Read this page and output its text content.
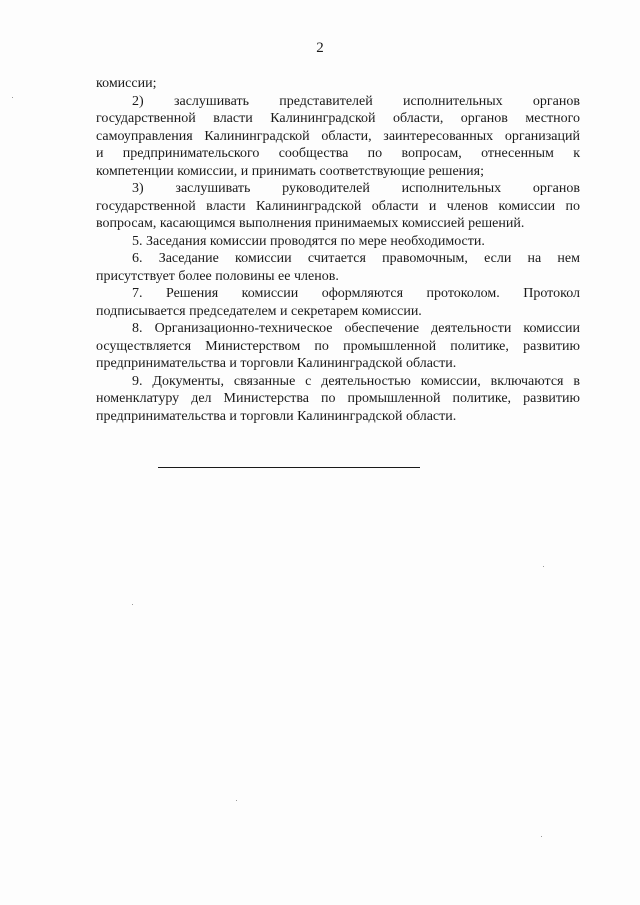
2
комиссии;
2) заслушивать представителей исполнительных органов
государственной власти Калининградской области, органов местного
самоуправления Калининградской области, заинтересованных организаций
и предпринимательского сообщества по вопросам, отнесенным к
компетенции комиссии, и принимать соответствующие решения;
3) заслушивать руководителей исполнительных органов
государственной власти Калининградской области и членов комиссии по
вопросам, касающимся выполнения принимаемых комиссией решений.
5. Заседания комиссии проводятся по мере необходимости.
6. Заседание комиссии считается правомочным, если на нем
присутствует более половины ее членов.
7. Решения комиссии оформляются протоколом. Протокол
подписывается председателем и секретарем комиссии.
8. Организационно-техническое обеспечение деятельности комиссии
осуществляется Министерством по промышленной политике, развитию
предпринимательства и торговли Калининградской области.
9. Документы, связанные с деятельностью комиссии, включаются в
номенклатуру дел Министерства по промышленной политике, развитию
предпринимательства и торговли Калининградской области.
